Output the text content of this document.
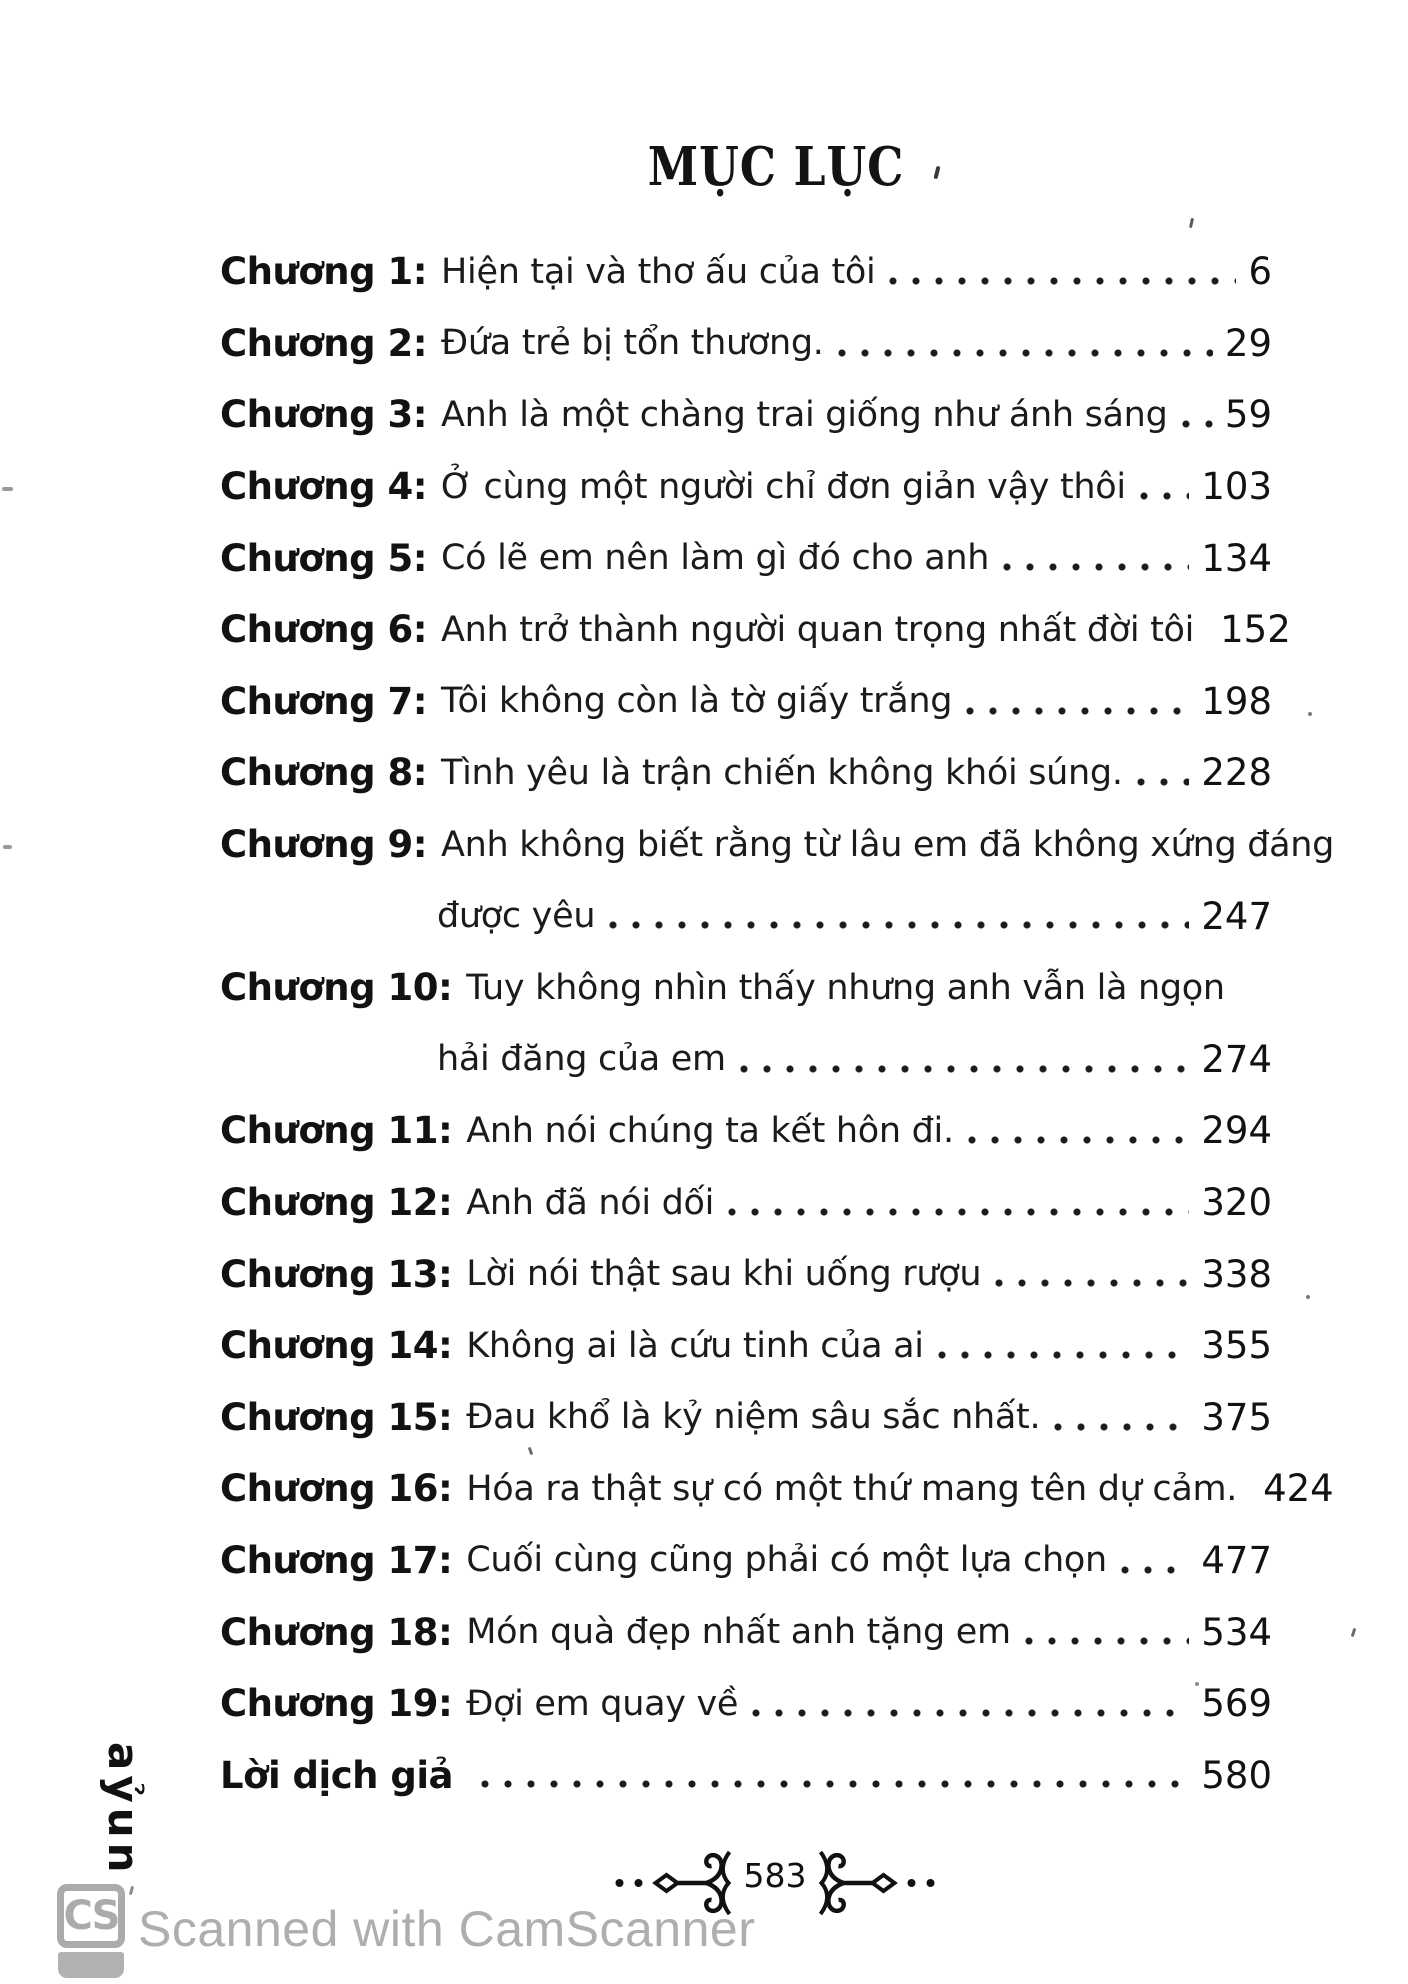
MỤC LỤC
Chương 1: Hiện tại và thơ ấu của tôi	6
Chương 2: Đứa trẻ bị tổn thương.	29
Chương 3: Anh là một chàng trai giống như ánh sáng 59
Chương 4: Ở cùng một người chỉ đơn giản vậy thôi 103
Chương 5: Có lẽ em nên làm gì đó cho anh	134
Chương 6: Anh trở thành người quan trọng nhất đời tôi 152
Chương 7: Tôi không còn là tờ giấy trắng	198
Chương 8: Tình yêu là trận chiến không khói súng. 228
Chương 9: Anh không biết rằng từ lâu em đã không xứng đáng
được yêu	247
Chương 10: Tuy không nhìn thấy nhưng anh vẫn là ngọn
hải đăng của em	274
Chương 11: Anh nói chúng ta kết hôn đi.	294
Chương 12: Anh đã nói dối	320
Chương 13: Lời nói thật sau khi uống rượu	338
Chương 14: Không ai là cứu tinh của ai	355
Chương 15: Đau khổ là kỷ niệm sâu sắc nhất.	375
Chương 16: Hóa ra thật sự có một thứ mang tên dự cảm. 424
Chương 17: Cuối cùng cũng phải có một lựa chọn	477
Chương 18: Món quà đẹp nhất anh tặng em	534
Chương 19: Đợi em quay về	569
Lời dịch giả	580
583
CS Scanned with CamScanner
aỷun
